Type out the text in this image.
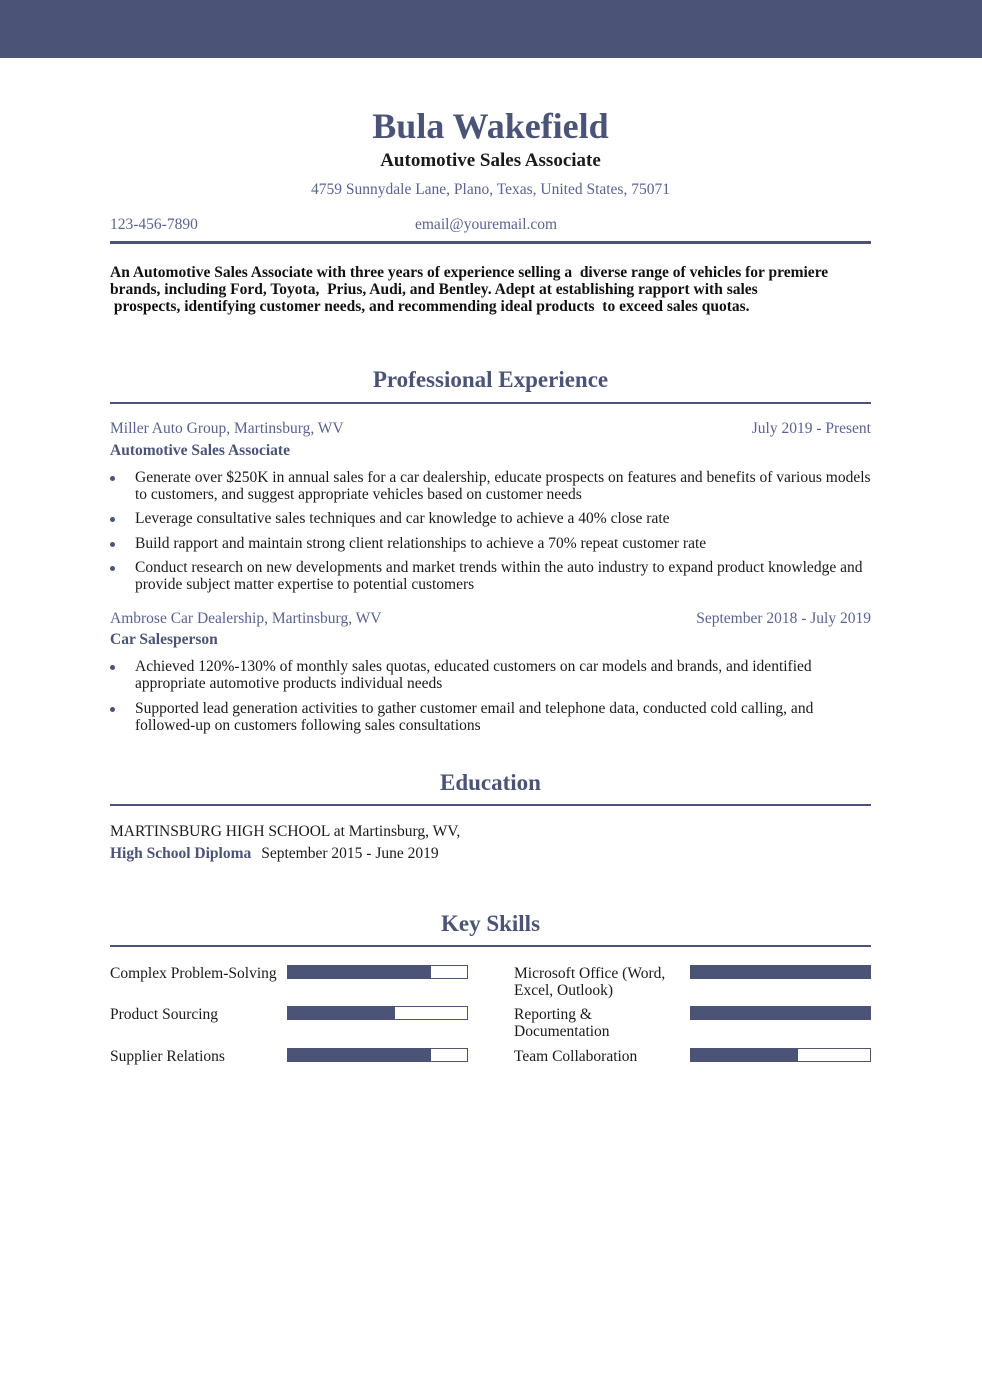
Bula Wakefield
Automotive Sales Associate
4759 Sunnydale Lane, Plano, Texas, United States, 75071
123-456-7890	email@youremail.com
An Automotive Sales Associate with three years of experience selling a  diverse range of vehicles for premiere brands, including Ford, Toyota,  Prius, Audi, and Bentley. Adept at establishing rapport with sales
prospects, identifying customer needs, and recommending ideal products  to exceed sales quotas.
Professional Experience
Miller Auto Group, Martinsburg, WV	July 2019 - Present
Automotive Sales Associate
Generate over $250K in annual sales for a car dealership, educate prospects on features and benefits of various models to customers, and suggest appropriate vehicles based on customer needs
Leverage consultative sales techniques and car knowledge to achieve a 40% close rate
Build rapport and maintain strong client relationships to achieve a 70% repeat customer rate
Conduct research on new developments and market trends within the auto industry to expand product knowledge and provide subject matter expertise to potential customers
Ambrose Car Dealership, Martinsburg, WV	September 2018 - July 2019
Car Salesperson
Achieved 120%-130% of monthly sales quotas, educated customers on car models and brands, and identified appropriate automotive products individual needs
Supported lead generation activities to gather customer email and telephone data, conducted cold calling, and followed-up on customers following sales consultations
Education
MARTINSBURG HIGH SCHOOL at Martinsburg, WV,
High School Diploma September 2015 - June 2019
Key Skills
Complex Problem-Solving	Microsoft Office (Word, Excel, Outlook)
Product Sourcing	Reporting & Documentation
Supplier Relations	Team Collaboration
